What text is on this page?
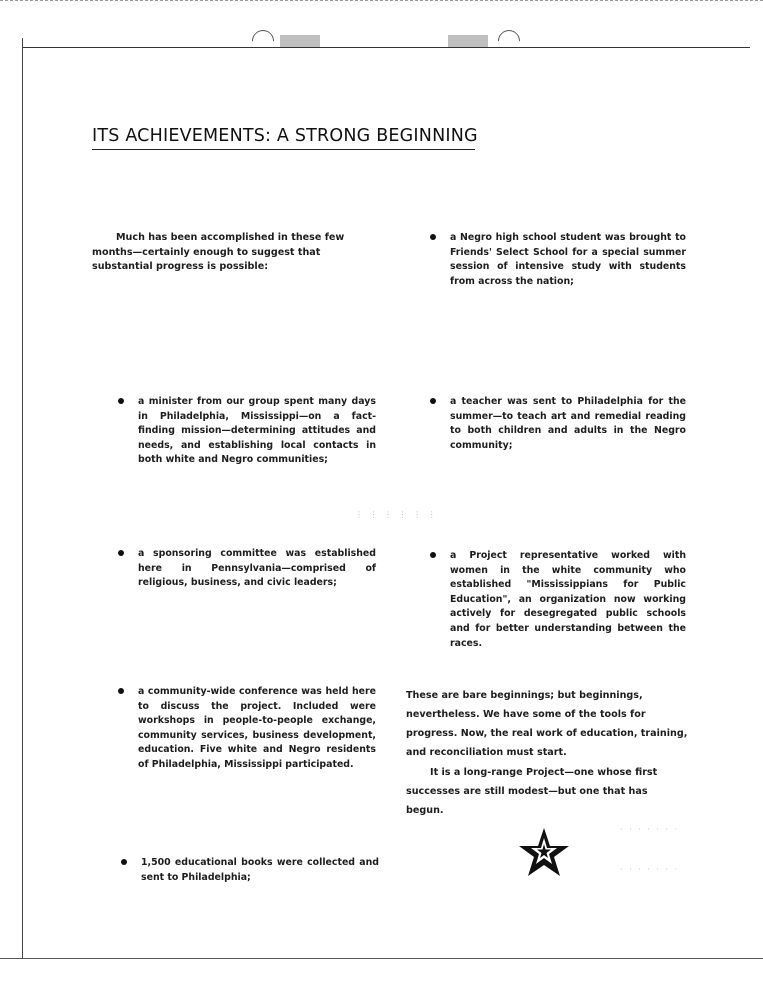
ITS ACHIEVEMENTS: A STRONG BEGINNING

Much has been accomplished in these few months—certainly enough to suggest that substantial progress is possible:

a Negro high school student was brought to Friends' Select School for a special summer session of intensive study with students from across the nation;

a minister from our group spent many days in Philadelphia, Mississippi—on a fact-finding mission—determining attitudes and needs, and establishing local contacts in both white and Negro communities;

a teacher was sent to Philadelphia for the summer—to teach art and remedial reading to both children and adults in the Negro community;

a sponsoring committee was established here in Pennsylvania—comprised of religious, business, and civic leaders;

a Project representative worked with women in the white community who established "Mississippians for Public Education", an organization now working actively for desegregated public schools and for better understanding between the races.

a community-wide conference was held here to discuss the project. Included were workshops in people-to-people exchange, community services, business development, education. Five white and Negro residents of Philadelphia, Mississippi participated.

1,500 educational books were collected and sent to Philadelphia;

These are bare beginnings; but beginnings, nevertheless. We have some of the tools for progress. Now, the real work of education, training, and reconciliation must start.

It is a long-range Project—one whose first successes are still modest—but one that has begun.

⋮ ⋮ ⋮ ⋮ ⋮ ⋮
· · · · · · ·
· · · · · · ·
